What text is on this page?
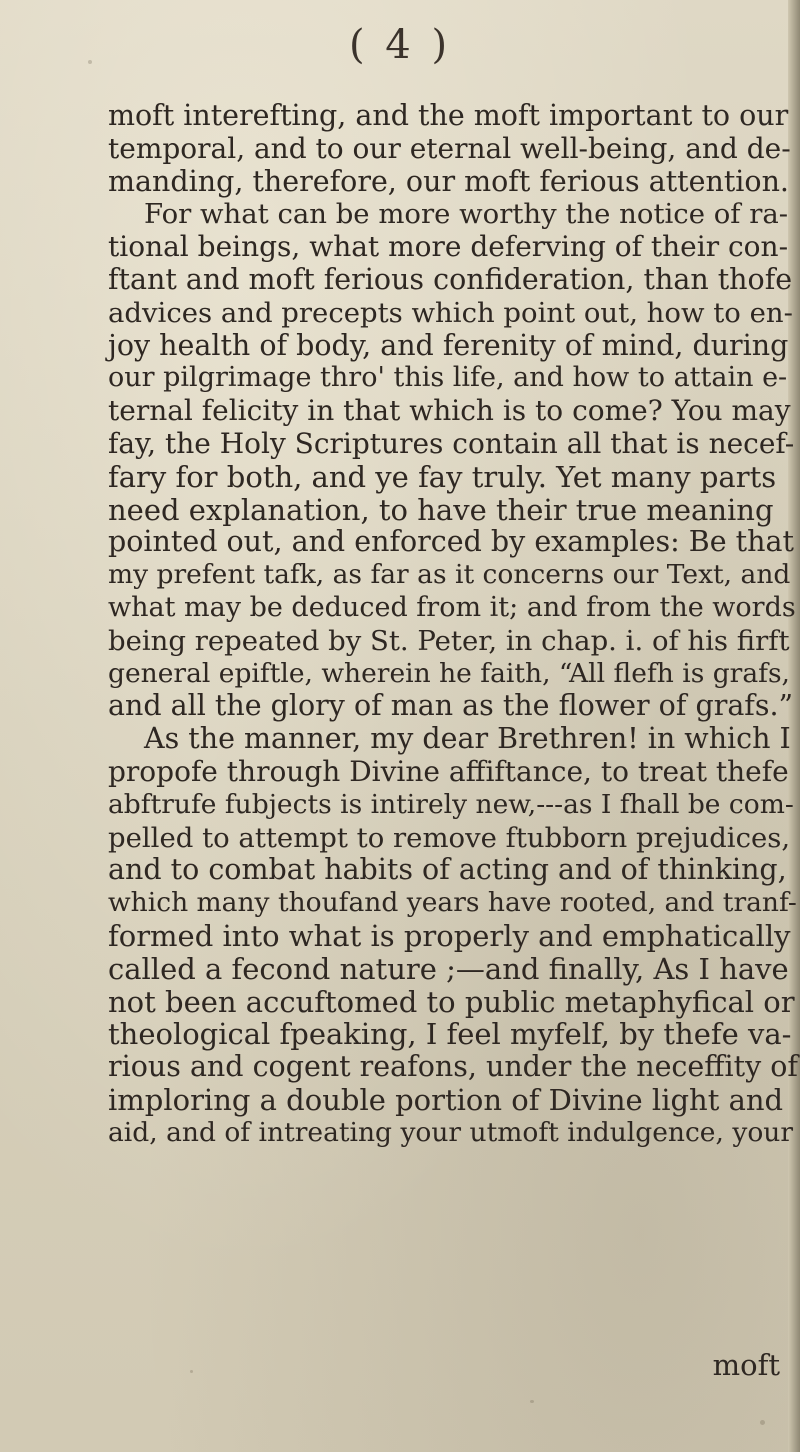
( 4 )
moft interefting, and the moft important to our
temporal, and to our eternal well-being, and de-
manding, therefore, our moft ferious attention.
For what can be more worthy the notice of ra-
tional beings, what more deferving of their con-
ftant and moft ferious confideration, than thofe
advices and precepts which point out, how to en-
joy health of body, and ferenity of mind, during
our pilgrimage thro' this life, and how to attain e-
ternal felicity in that which is to come? You may
fay, the Holy Scriptures contain all that is necef-
fary for both, and ye fay truly. Yet many parts
need explanation, to have their true meaning
pointed out, and enforced by examples: Be that
my prefent tafk, as far as it concerns our Text, and
what may be deduced from it; and from the words
being repeated by St. Peter, in chap. i. of his firft
general epiftle, wherein he faith, “All flefh is grafs,
and all the glory of man as the flower of grafs.”
As the manner, my dear Brethren! in which I
propofe through Divine affiftance, to treat thefe
abftrufe fubjects is intirely new,---as I fhall be com-
pelled to attempt to remove ftubborn prejudices,
and to combat habits of acting and of thinking,
which many thoufand years have rooted, and tranf-
formed into what is properly and emphatically
called a fecond nature ;—and finally, As I have
not been accuftomed to public metaphyfical or
theological fpeaking, I feel myfelf, by thefe va-
rious and cogent reafons, under the neceffity of
imploring a double portion of Divine light and
aid, and of intreating your utmoft indulgence, your
moft
